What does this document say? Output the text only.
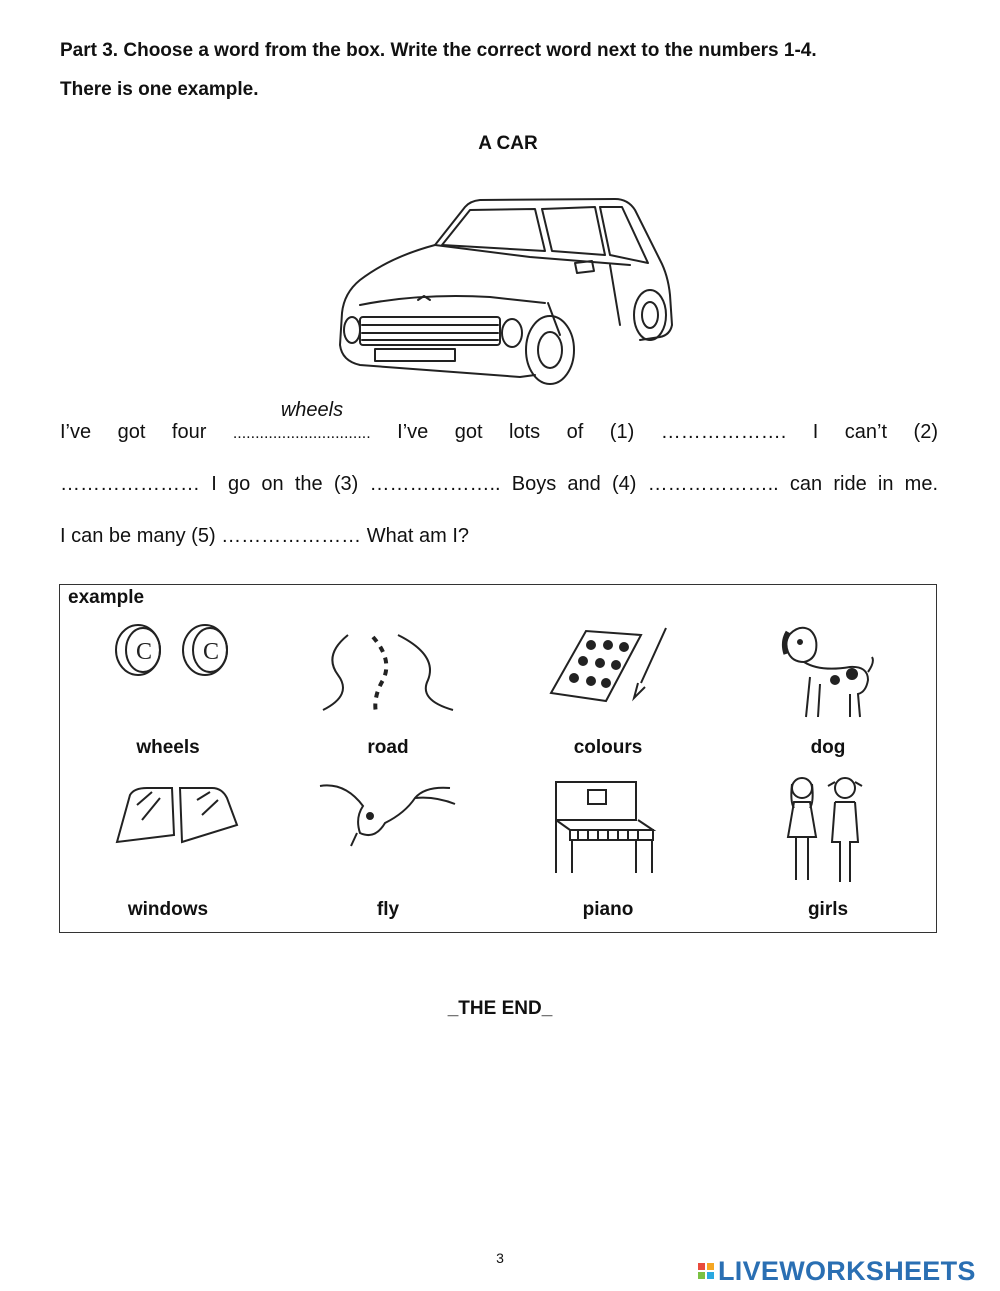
Part 3. Choose a word from the box. Write the correct word next to the numbers 1-4.
There is one example.
A CAR
I’ve got four
wheels
............................... I’ve got lots of (1) ………………. I can’t (2)
………………… I go on the (3) ……………….. Boys and (4) ……………….. can ride in me.
I can be many (5) ………………… What am I?
example
C C
wheels	road	colours	dog
windows	fly	piano	girls
_THE END_
3	LIVEWORKSHEETS
